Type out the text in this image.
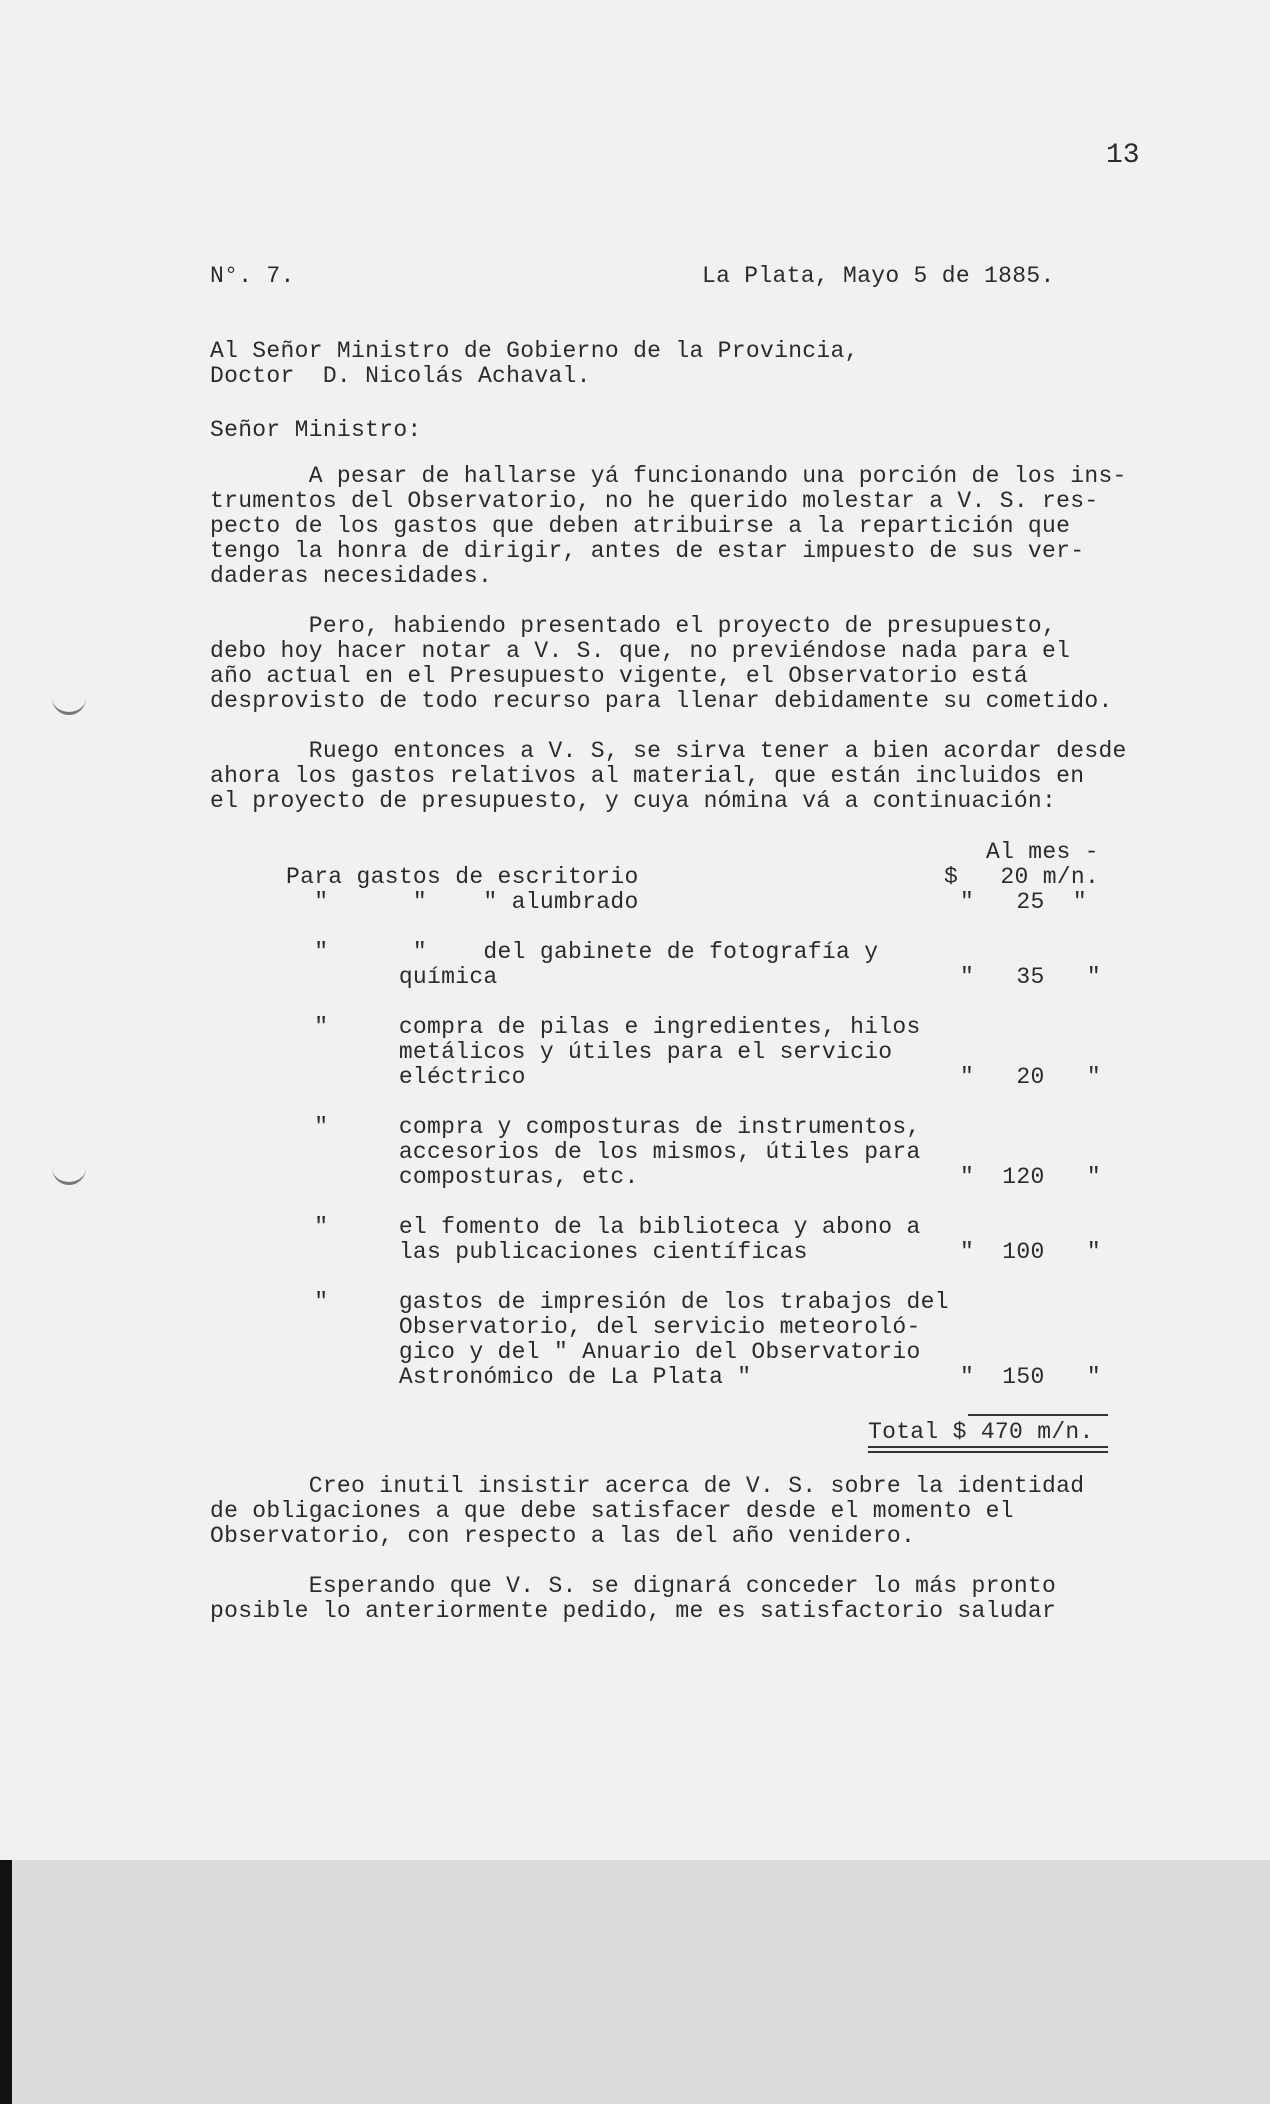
13
N°. 7.	La Plata, Mayo 5 de 1885.
Al Señor Ministro de Gobierno de la Provincia,
Doctor  D. Nicolás Achaval.
Señor Ministro:
A pesar de hallarse yá funcionando una porción de los ins-
trumentos del Observatorio, no he querido molestar a V. S. res-
pecto de los gastos que deben atribuirse a la repartición que
tengo la honra de dirigir, antes de estar impuesto de sus ver-
daderas necesidades.
Pero, habiendo presentado el proyecto de presupuesto,
debo hoy hacer notar a V. S. que, no previéndose nada para el
año actual en el Presupuesto vigente, el Observatorio está
desprovisto de todo recurso para llenar debidamente su cometido.
Ruego entonces a V. S, se sirva tener a bien acordar desde
ahora los gastos relativos al material, que están incluidos en
el proyecto de presupuesto, y cuya nómina vá a continuación:
Al mes -
Para gastos de escritorio	$   20 m/n.
"      "    " alumbrado	"   25  "
"      "    del gabinete de fotografía y
química	"   35   "
"     compra de pilas e ingredientes, hilos
metálicos y útiles para el servicio
eléctrico	"   20   "
"     compra y composturas de instrumentos,
accesorios de los mismos, útiles para
composturas, etc.	"  120   "
"     el fomento de la biblioteca y abono a
las publicaciones científicas	"  100   "
"     gastos de impresión de los trabajos del
Observatorio, del servicio meteoroló-
gico y del " Anuario del Observatorio
Astronómico de La Plata "	"  150   "
Total $ 470 m/n.
Creo inutil insistir acerca de V. S. sobre la identidad
de obligaciones a que debe satisfacer desde el momento el
Observatorio, con respecto a las del año venidero.
Esperando que V. S. se dignará conceder lo más pronto
posible lo anteriormente pedido, me es satisfactorio saludar
